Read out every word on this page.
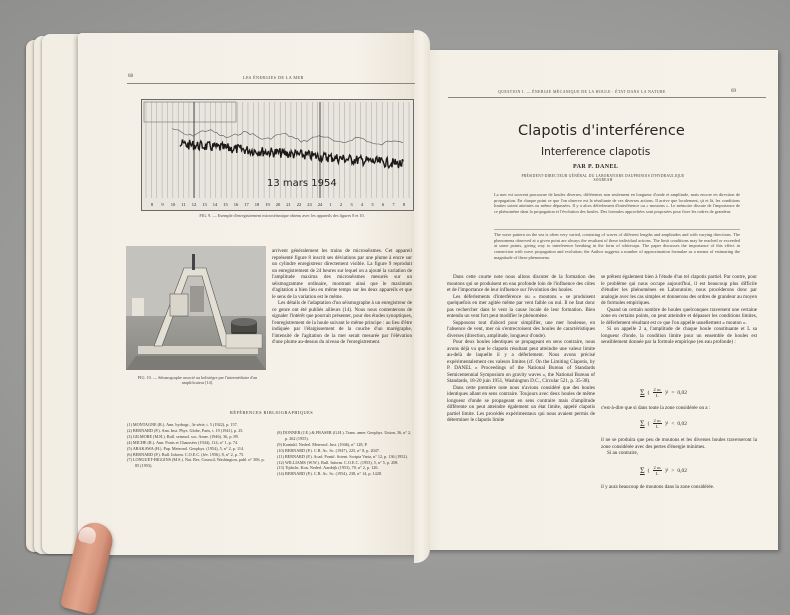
68	LES ÉNERGIES DE LA MER
13 mars 1954
8 9 10 11 12 13 14 15 16 17 18 19 20 21 22 23 24 1 2 3 4 5 6 7 8
FIG. 9. — Exemple d'enregistrement microséismique obtenu avec les appareils des figures 8 et 10.
FIG. 10. — Séismographe associé au holistègre par l'intermédiaire d'un amplificateur [14].

arrivent généralement les trains de microséismes. Cet appareil représenté figure 8 inscrit ses déviations par une plume à encre sur un cylindre enregistreur directement visible. La figure 9 reproduit un enregistrement de 24 heures sur lequel on a ajouté la variation de l'amplitude maxima des microséismes mesurés sur un séismogramme ordinaire, montrant ainsi que le maximum d'agitation a bien lieu en même temps sur les deux appareils et que le sens de la variation est le même.

Les détails de l'adaptation d'un séismographe à un enregistreur de ce genre ont été publiés ailleurs (14). Nous nous contenterons de signaler l'intérêt que pourrait présenter, pour des études synoptiques, l'enregistrement de la houle suivant le même principe : au lieu d'être indiquée par l'élargissement de la couche d'un marégraphe, l'intensité de l'agitation de la mer serait mesurée par l'élévation d'une plume au-dessus du niveau de l'enregistrement.

RÉFÉRENCES BIBLIOGRAPHIQUES
(1) MONTAGNE (R.). Ann. hydrogr., 3e série, t. 5 (1922), p. 157.
(2) BERNARD (P.). Ann. Inst. Phys. Globe, Paris, t. 19 (1941), p. 25.
(3) GILMORE (M.H.). Bull. seismol. soc. Amer. (1946), 36, p. 89.
(4) MICHE (R.). Ann. Ponts et Chaussées (1944), 114, n° 1, p. 74.
(5) ARAKAWA (H.). Pap. Meteorol. Geophys. (1954), 5, n° 2, p. 114.
(6) BERNARD (P.). Bull. Inform. C.O.E.C. (fév. 1956), 8, n° 2, p. 75.
(7) LONGUET-HIGGINS (M.S.). Nat. Res. Council, Washington, publ. n° 306, p. 85 (1953).
(8) DONNER (J.E.) & FRASER (G.H.). Trans. amer. Geophys. Union, 36, n° 2, p. 262 (1955).
(9) Koninkl. Nederl. Meteorol. Inst. (1946), n° 128, P.
(10) BERNARD (P.). C.R. Ac. Sc. (1947), 225, n° 8, p. 2047.
(11) BERNARD (P.). Acad. Pontif. Scient. Scripta Varia, n° 12, p. 136 (1952).
(12) WILLIAMS (W.W.). Bull. Inform. C.O.E.C. (1953), 5, n° 5, p. 208.
(13) Tijdschr. Kon. Nederl. Aardrijk (1953), 70, n° 2, p. 126.
(14) BERNARD (P.). C.R. Ac. Sc. (1954), 238, n° 14, p. 1428.
QUESTION I. — ÉNERGIE MÉCANIQUE DE LA HOULE : ÉTAT DANS LA NATURE	69
Clapotis d'interférence
Interference clapotis
PAR P. DANEL
PRÉSIDENT-DIRECTEUR GÉNÉRAL DU LABORATOIRE DAUPHINOIS D'HYDRAULIQUE
SOGREAH
La mer est souvent parcourue de houles diverses, différentes non seulement en longueur d'onde et amplitude, mais encore en direction de propagation. En chaque point ce que l'on observe est la résultante de ces diverses actions. Il arrive que localement, çà et là, les conditions limites soient atteintes ou même dépassées. Il y a alors déferlement d'interférence ou « moutons ». Le mémoire discute de l'importance de ce phénomène dans la propagation et l'évolution des houles. Des formules approchées sont proposées pour fixer les ordres de grandeur.
The wave pattern on the sea is often very varied, consisting of waves of different lengths and amplitudes and with varying directions. The phenomena observed at a given point are always the resultant of these individual actions. The limit conditions may be reached or exceeded at some points, giving way to interference breaking in the form of whitecaps. The paper discusses the importance of this effect in connection with wave propagation and evolution; the Author suggests a number of approximation formulae as a means of estimating the magnitude of these phenomena.

Dans cette courte note nous allons discuter de la formation des moutons qui se produisent en eau profonde loin de l'influence des côtes et de l'importance de leur influence sur l'évolution des houles.

Les déferlements d'interférence ou « moutons » se produisent quelquefois en mer agitée même par vent faible ou nul. Il ne faut donc pas rechercher dans le vent la cause locale de leur formation. Bien entendu un vent fort peut modifier le phénomène.

Supposons tout d'abord pour simplifier, une mer houleuse, en l'absence de vent, mer où s'entrecroisent des houles de caractéristiques diverses (direction, amplitude, longueur d'onde).

Pour deux houles identiques se propageant en sens contraire, nous avons déjà vu que le clapotis résultant peut atteindre une valeur limite au-delà de laquelle il y a déferlement. Nous avons précisé expérimentalement ces valeurs limites (cf. On the Limiting Clapotis, by P. DANEL « Proceedings of the National Bureau of Standards Semicentennial Symposium on gravity waves », the National Bureau of Standards, 18-20 juin 1951, Washington D.C., Circular 521, p. 35-38).

Dans cette première note nous n'avions considéré que des houles identiques allant en sens contraire. Toujours avec deux houles de même longueur d'onde se propageant en sens contraire mais d'amplitude différente on peut atteindre également un état limite, appelé clapotis partiel limite. Les procédés expérimentaux qui nous avaient permis de déterminer le clapotis limite

se prêtent également bien à l'étude d'un tel clapotis partiel. Par contre, pour le problème qui nous occupe aujourd'hui, il est beaucoup plus difficile d'étudier les phénomènes en Laboratoire, nous procéderons donc par analogie avec les cas simples et donnerons des ordres de grandeur au moyen de formules empiriques.

Quand un certain nombre de houles quelconques traversent une certaine zone en certains points, on peut atteindre et dépasser les conditions limites, le déferlement résultant est ce que l'on appelle usuellement « mouton ».

Si on appelle 2 a, l'amplitude de chaque houle constituante et L sa longueur d'onde, la condition limite pour un ensemble de houles est sensiblement donnée par la formule empirique (en eau profonde) :

Σ ( $\frac{\text{2 aₙ}}{L} )^2 = 0,02$
c'est-à-dire que si dans toute la zone considérée on a :
Σ ( $\frac{\text{2 aₙ}}{L} )^2 < 0,02$

il ne se produira que peu de moutons et les diverses houles traverseront la zone considérée avec des pertes d'énergie minimes.

Si au contraire,

Σ ( $\frac{\text{2 aₙ}}{L} )^2 > 0,02$
il y aura beaucoup de moutons dans la zone considérée.
